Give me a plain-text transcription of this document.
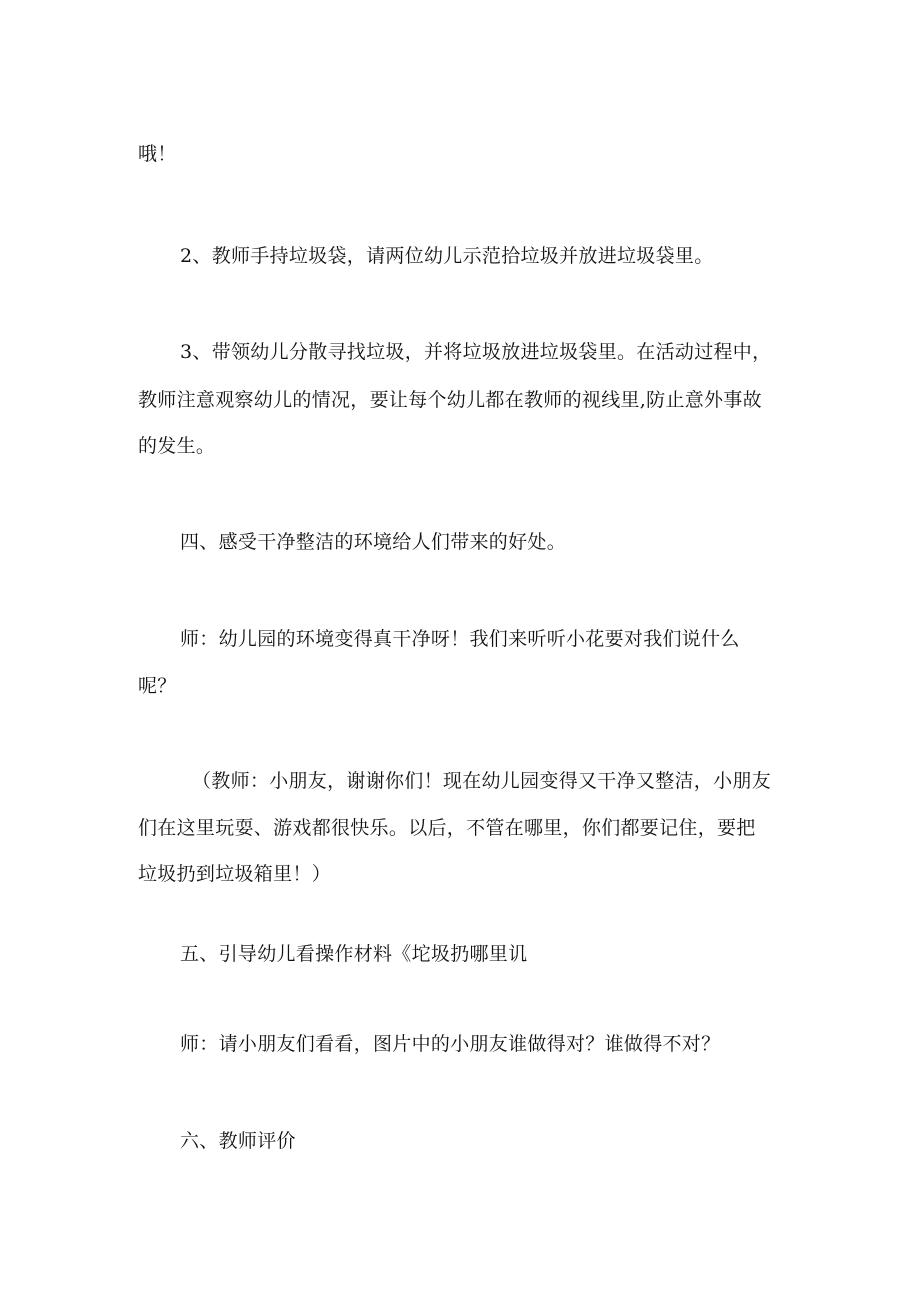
哦！
2、教师手持垃圾袋，请两位幼儿示范拾垃圾并放进垃圾袋里。
3、带领幼儿分散寻找垃圾，并将垃圾放进垃圾袋里。在活动过程中，
教师注意观察幼儿的情况，要让每个幼儿都在教师的视线里,防止意外事故
的发生。
四、感受干净整洁的环境给人们带来的好处。
师：幼儿园的环境变得真干净呀！我们来听听小花要对我们说什么
呢？
（教师：小朋友，谢谢你们！现在幼儿园变得又干净又整洁，小朋友
们在这里玩耍、游戏都很快乐。以后，不管在哪里，你们都要记住，要把
垃圾扔到垃圾箱里！）
五、引导幼儿看操作材料《坨圾扔哪里讥
师：请小朋友们看看，图片中的小朋友谁做得对？谁做得不对？
六、教师评价
